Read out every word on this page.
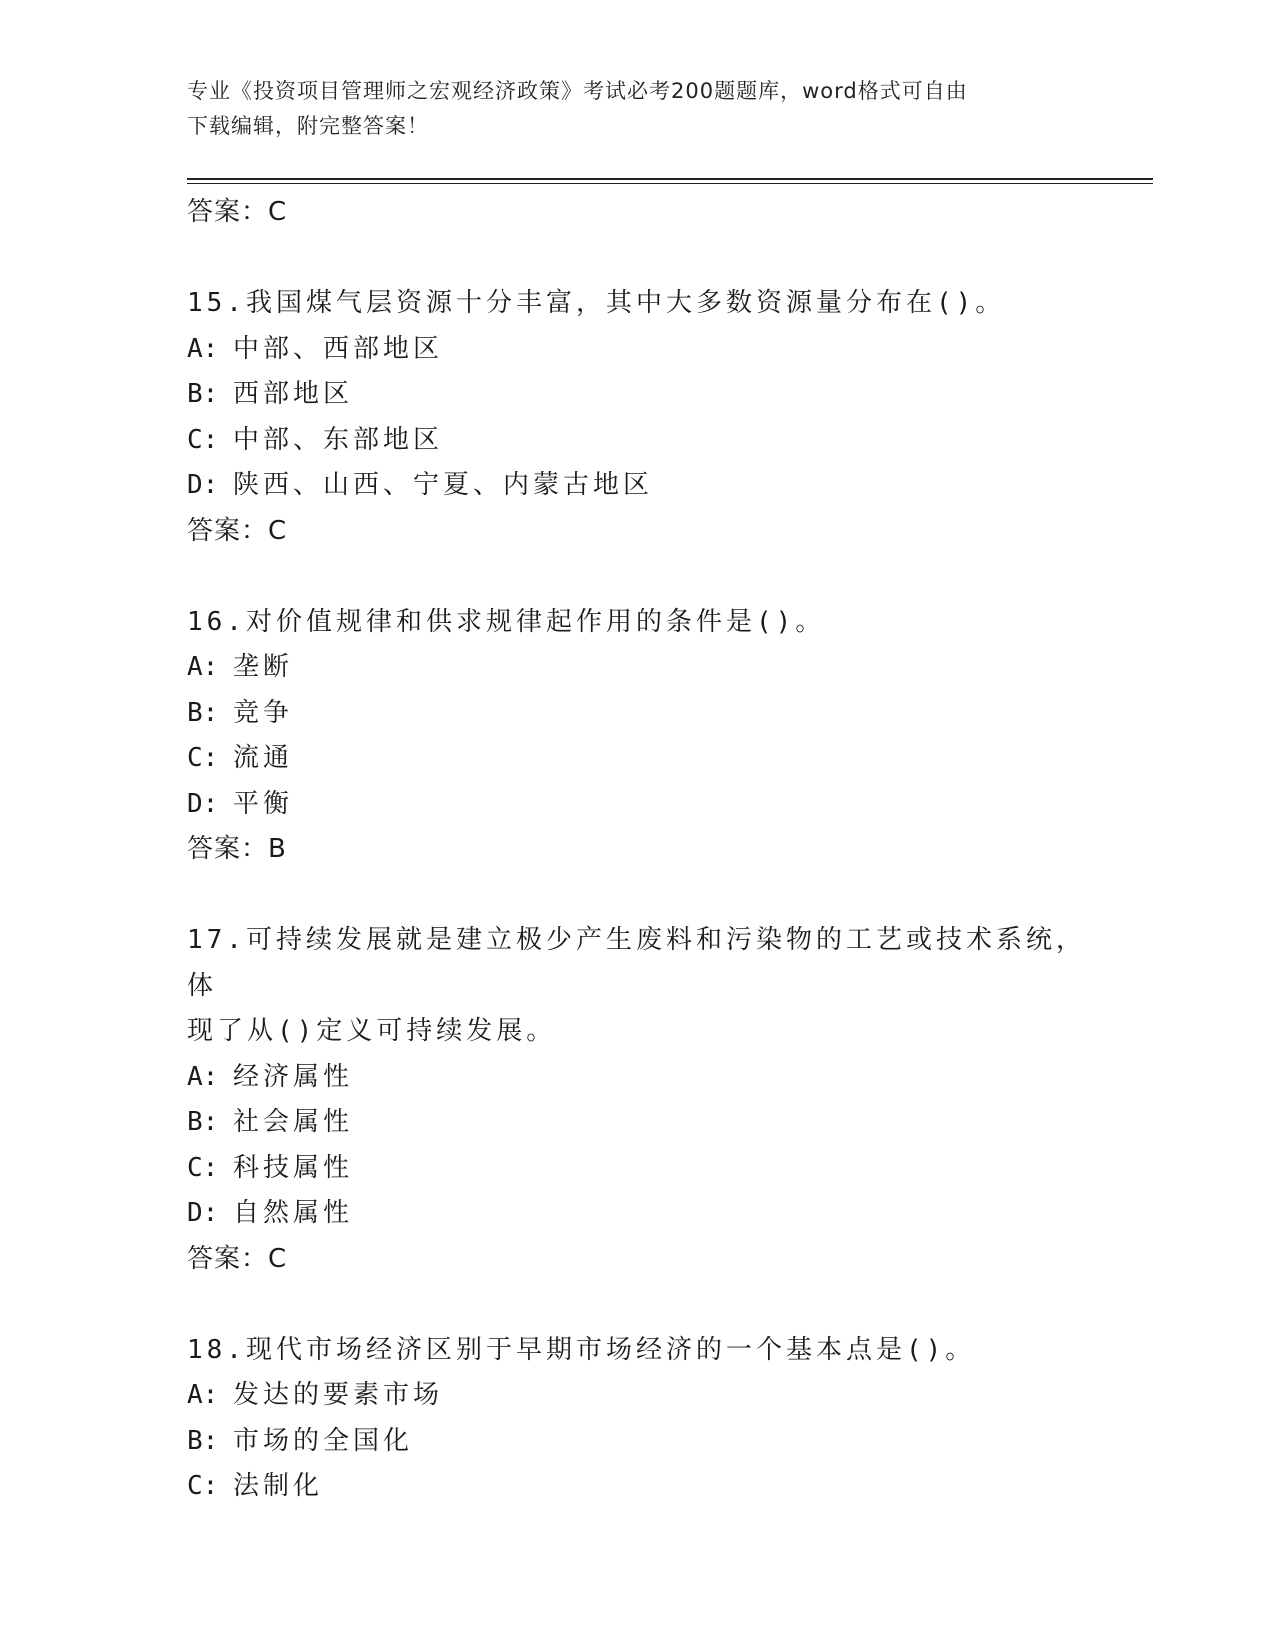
专业《投资项目管理师之宏观经济政策》考试必考200题题库，word格式可自由
下载编辑，附完整答案！
答案：C
15.我国煤气层资源十分丰富，其中大多数资源量分布在()。
A: 中部、西部地区
B: 西部地区
C: 中部、东部地区
D: 陕西、山西、宁夏、内蒙古地区
答案：C
16.对价值规律和供求规律起作用的条件是()。
A: 垄断
B: 竞争
C: 流通
D: 平衡
答案：B
17.可持续发展就是建立极少产生废料和污染物的工艺或技术系统，体
现了从()定义可持续发展。
A: 经济属性
B: 社会属性
C: 科技属性
D: 自然属性
答案：C
18.现代市场经济区别于早期市场经济的一个基本点是()。
A: 发达的要素市场
B: 市场的全国化
C: 法制化
